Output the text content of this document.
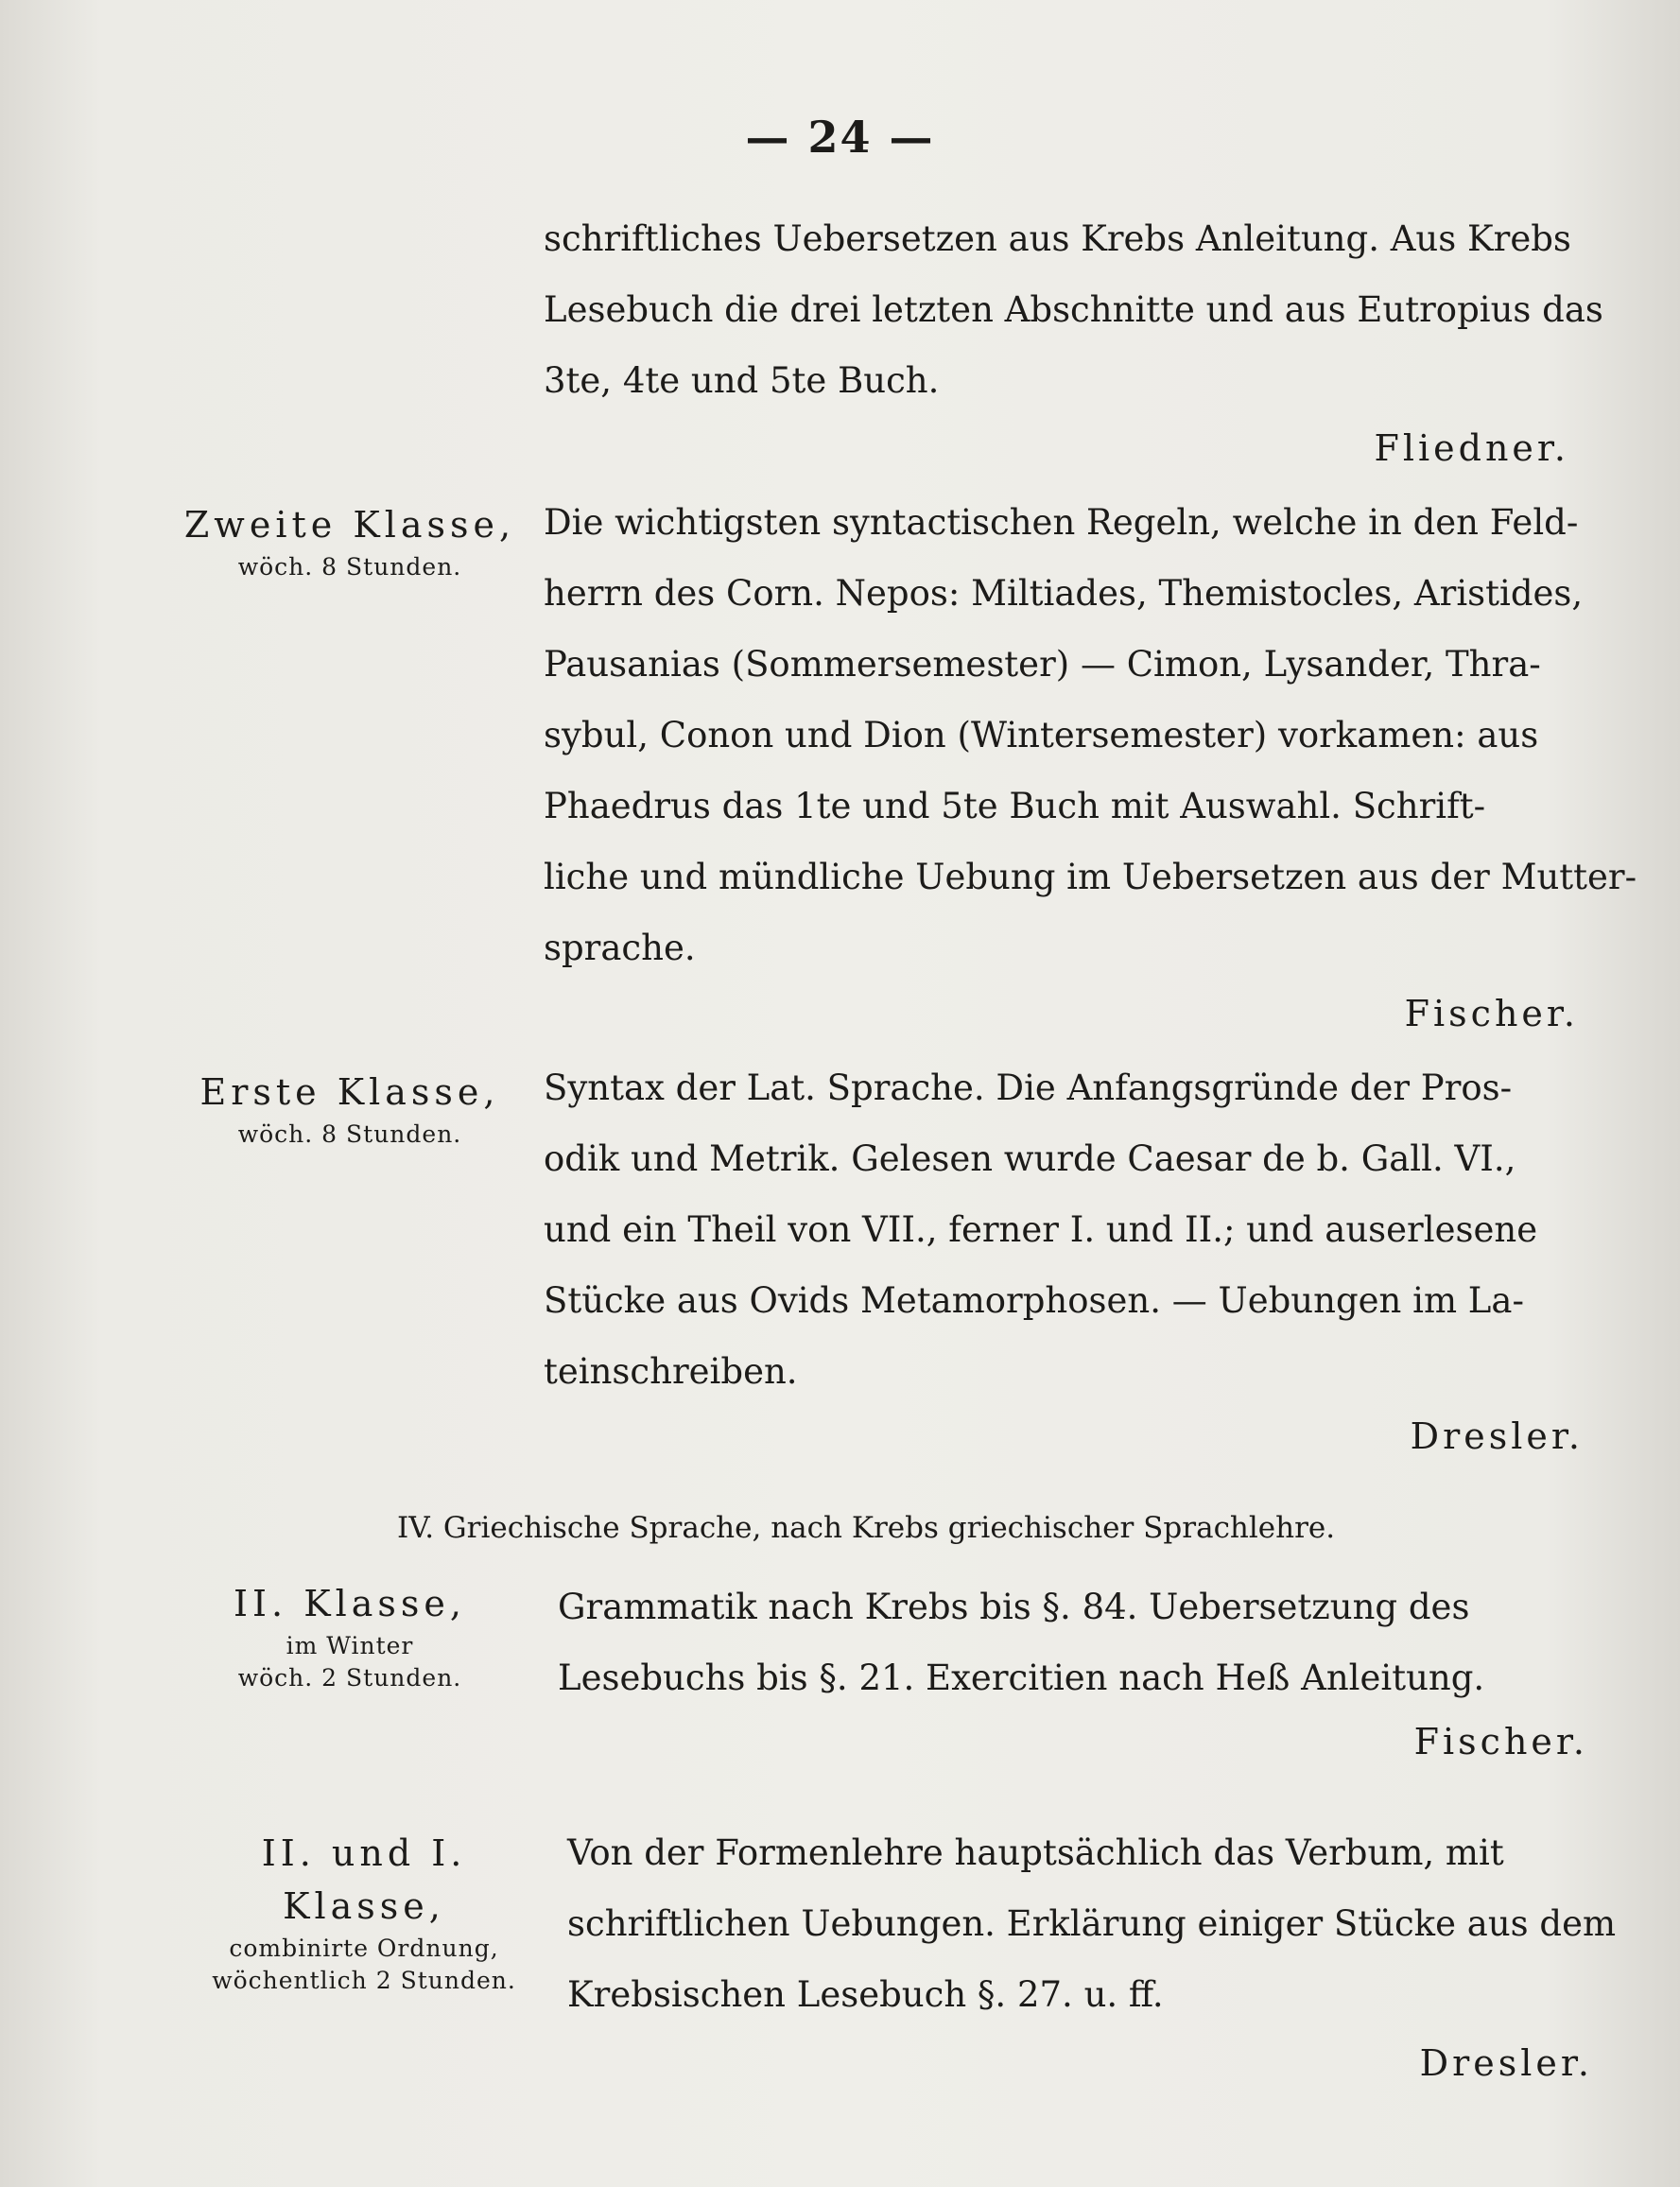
— 24 —
schriftliches Uebersetzen aus Krebs Anleitung. Aus Krebs
Lesebuch die drei letzten Abschnitte und aus Eutropius das
3te, 4te und 5te Buch.
Fliedner.
Zweite Klasse,
wöch. 8 Stunden.
Die wichtigsten syntactischen Regeln, welche in den Feld-
herrn des Corn. Nepos: Miltiades, Themistocles, Aristides,
Pausanias (Sommersemester) — Cimon, Lysander, Thra-
sybul, Conon und Dion (Wintersemester) vorkamen: aus
Phaedrus das 1te und 5te Buch mit Auswahl. Schrift-
liche und mündliche Uebung im Uebersetzen aus der Mutter-
sprache.
Fischer.
Erste Klasse,
wöch. 8 Stunden.
Syntax der Lat. Sprache. Die Anfangsgründe der Pros-
odik und Metrik. Gelesen wurde Caesar de b. Gall. VI.,
und ein Theil von VII., ferner I. und II.; und auserlesene
Stücke aus Ovids Metamorphosen. — Uebungen im La-
teinschreiben.
Dresler.
IV. Griechische Sprache, nach Krebs griechischer Sprachlehre.
II. Klasse,
im Winter
wöch. 2 Stunden.
Grammatik nach Krebs bis §. 84. Uebersetzung des
Lesebuchs bis §. 21. Exercitien nach Heß Anleitung.
Fischer.
II. und I. Klasse,
combinirte Ordnung,
wöchentlich 2 Stunden.
Von der Formenlehre hauptsächlich das Verbum, mit
schriftlichen Uebungen. Erklärung einiger Stücke aus dem
Krebsischen Lesebuch §. 27. u. ff.
Dresler.
